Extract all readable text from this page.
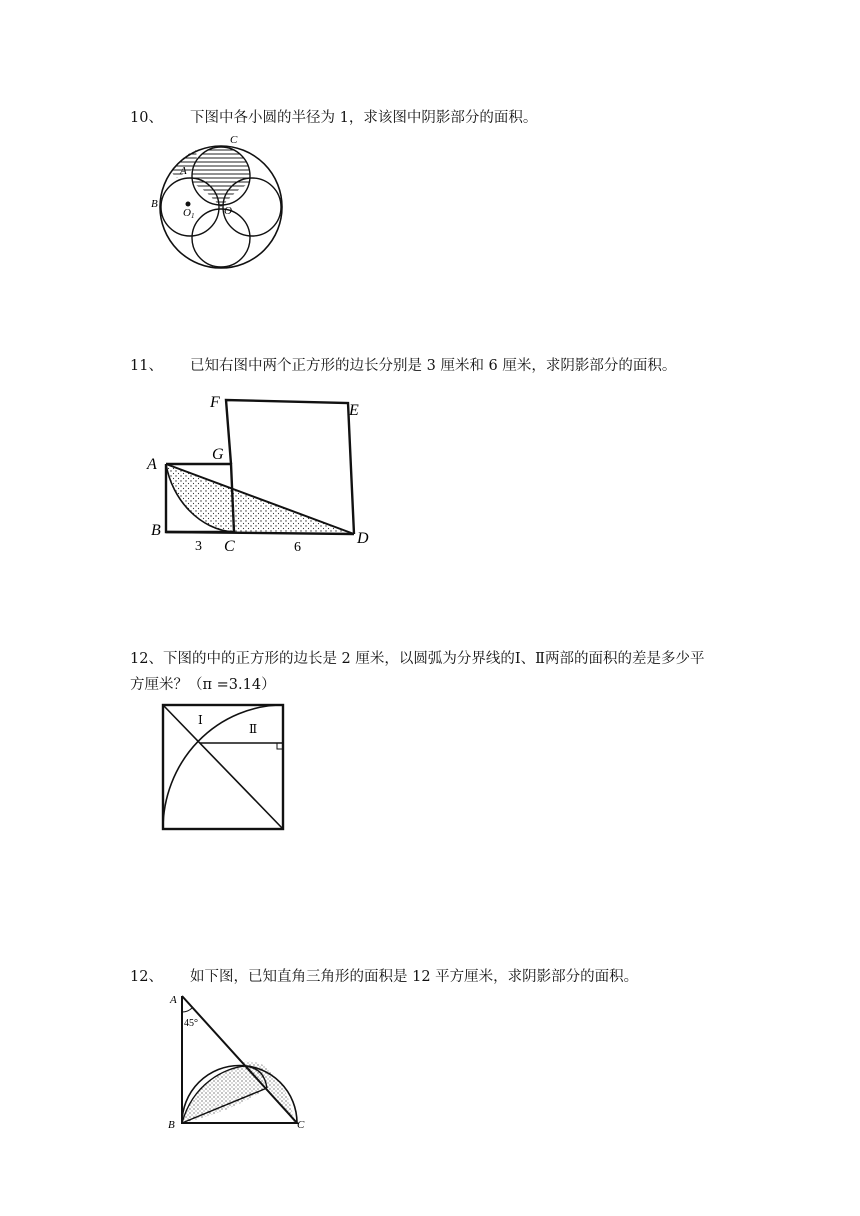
10、 下图中各小圆的半径为 1，求该图中阴影部分的面积。
C
A
B
O1	O
11、 已知右图中两个正方形的边长分别是 3 厘米和 6 厘米，求阴影部分的面积。
F	E
G
A
B
C	D
3	6
12、下图的中的正方形的边长是 2 厘米，以圆弧为分界线的Ⅰ、Ⅱ两部的面积的差是多少平
方厘米？（π =3.14）
Ⅰ
Ⅱ
12、 如下图，已知直角三角形的面积是 12 平方厘米，求阴影部分的面积。
A
45°
B	C
